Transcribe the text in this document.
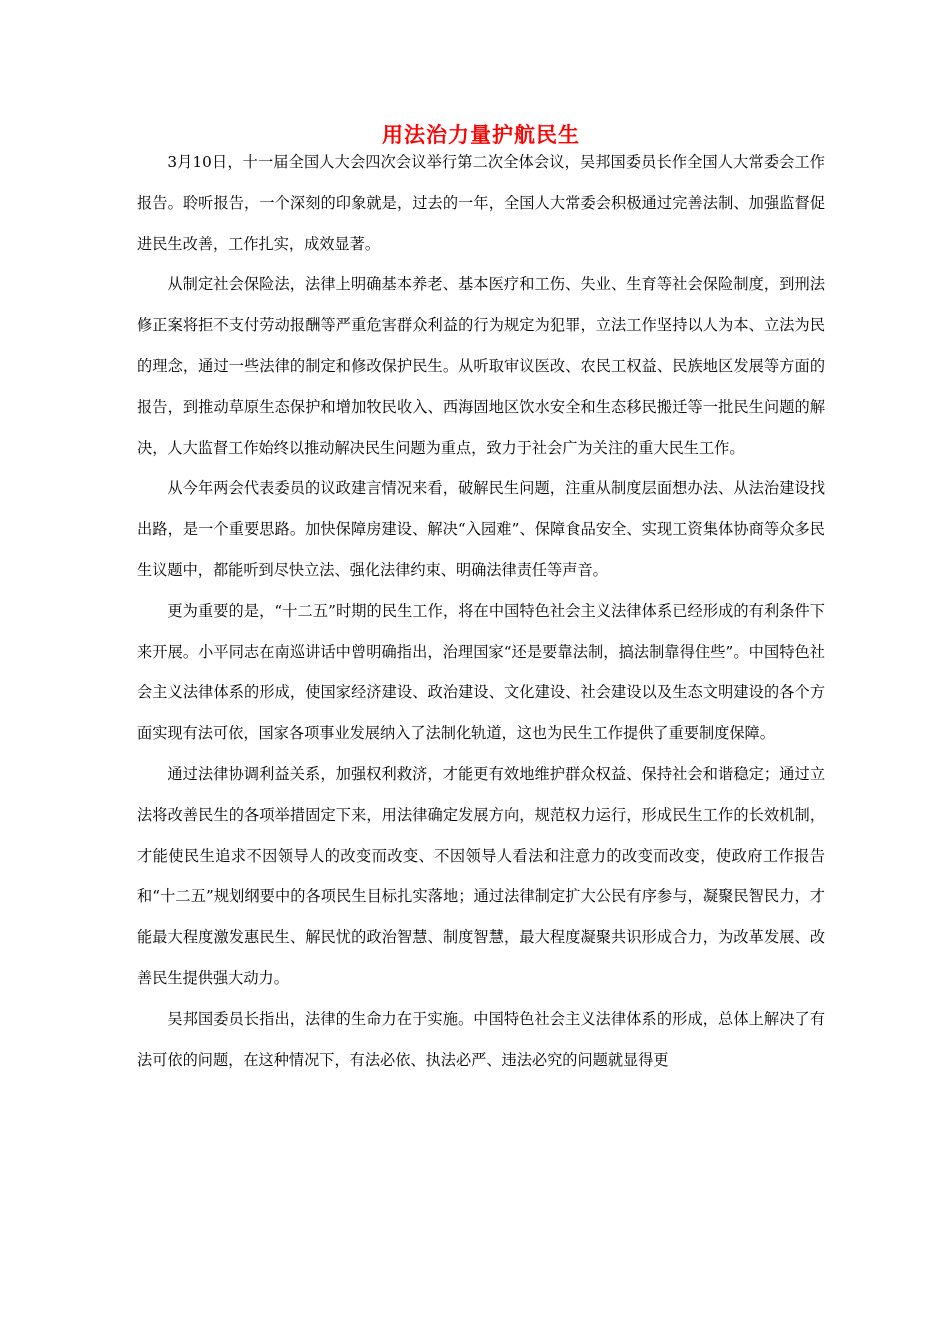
用法治力量护航民生

3月10日，十一届全国人大会四次会议举行第二次全体会议，吴邦国委员长作全国人大常委会工作报告。聆听报告，一个深刻的印象就是，过去的一年，全国人大常委会积极通过完善法制、加强监督促进民生改善，工作扎实，成效显著。

从制定社会保险法，法律上明确基本养老、基本医疗和工伤、失业、生育等社会保险制度，到刑法修正案将拒不支付劳动报酬等严重危害群众利益的行为规定为犯罪，立法工作坚持以人为本、立法为民的理念，通过一些法律的制定和修改保护民生。从听取审议医改、农民工权益、民族地区发展等方面的报告，到推动草原生态保护和增加牧民收入、西海固地区饮水安全和生态移民搬迁等一批民生问题的解决，人大监督工作始终以推动解决民生问题为重点，致力于社会广为关注的重大民生工作。

从今年两会代表委员的议政建言情况来看，破解民生问题，注重从制度层面想办法、从法治建设找出路，是一个重要思路。加快保障房建设、解决“入园难”、保障食品安全、实现工资集体协商等众多民生议题中，都能听到尽快立法、强化法律约束、明确法律责任等声音。

更为重要的是，“十二五”时期的民生工作，将在中国特色社会主义法律体系已经形成的有利条件下来开展。小平同志在南巡讲话中曾明确指出，治理国家“还是要靠法制，搞法制靠得住些”。中国特色社会主义法律体系的形成，使国家经济建设、政治建设、文化建设、社会建设以及生态文明建设的各个方面实现有法可依，国家各项事业发展纳入了法制化轨道，这也为民生工作提供了重要制度保障。

通过法律协调利益关系，加强权利救济，才能更有效地维护群众权益、保持社会和谐稳定；通过立法将改善民生的各项举措固定下来，用法律确定发展方向，规范权力运行，形成民生工作的长效机制，才能使民生追求不因领导人的改变而改变、不因领导人看法和注意力的改变而改变，使政府工作报告和“十二五”规划纲要中的各项民生目标扎实落地；通过法律制定扩大公民有序参与，凝聚民智民力，才能最大程度激发惠民生、解民忧的政治智慧、制度智慧，最大程度凝聚共识形成合力，为改革发展、改善民生提供强大动力。

吴邦国委员长指出，法律的生命力在于实施。中国特色社会主义法律体系的形成，总体上解决了有法可依的问题，在这种情况下，有法必依、执法必严、违法必究的问题就显得更
